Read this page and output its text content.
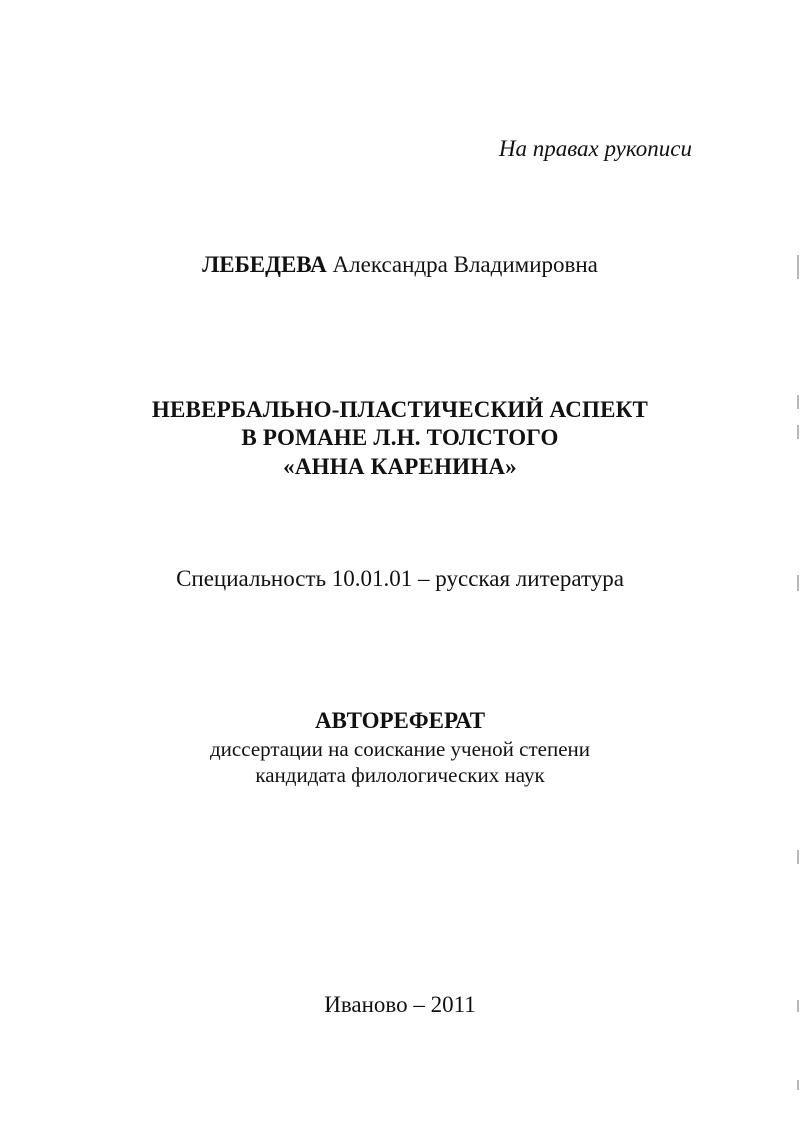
На правах рукописи
ЛЕБЕДЕВА Александра Владимировна
НЕВЕРБАЛЬНО-ПЛАСТИЧЕСКИЙ АСПЕКТ
В РОМАНЕ Л.Н. ТОЛСТОГО
«АННА КАРЕНИНА»
Специальность 10.01.01 – русская литература
АВТОРЕФЕРАТ
диссертации на соискание ученой степени
кандидата филологических наук
Иваново – 2011
